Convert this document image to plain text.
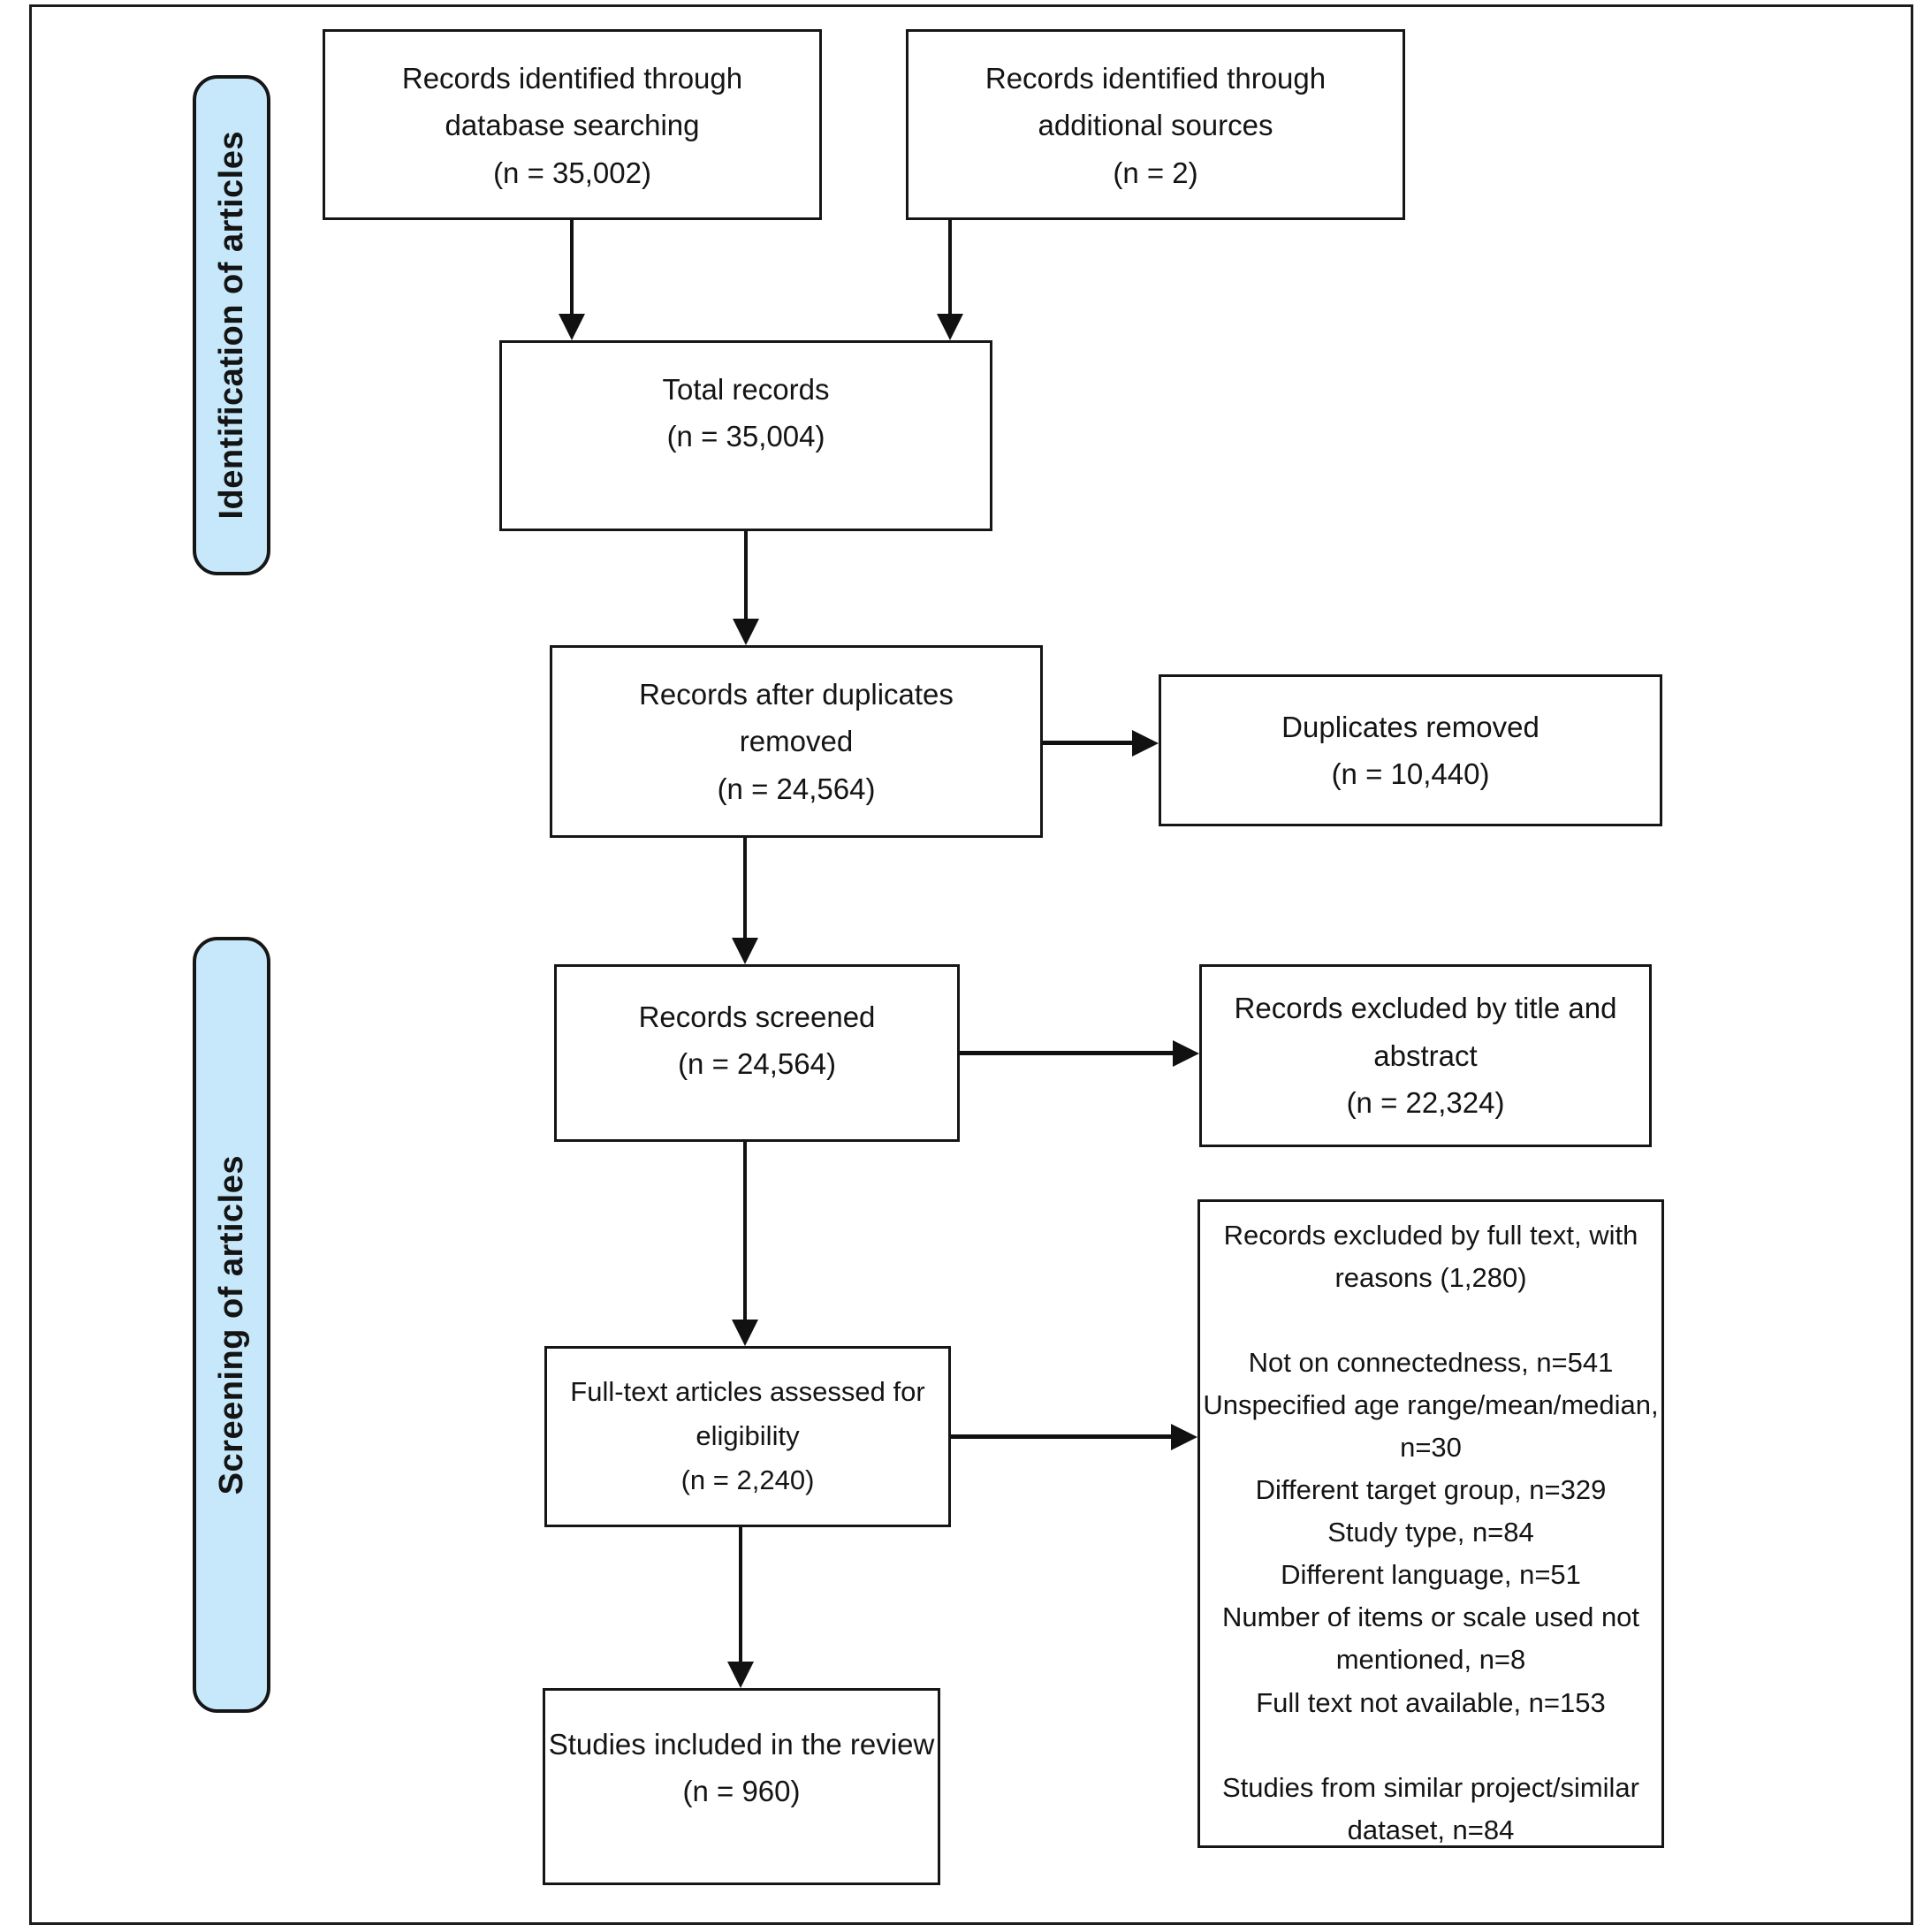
Identification of articles
Screening of articles
Records identified through
database searching
(n = 35,002)
Records identified through
additional sources
(n = 2)
Total records
(n = 35,004)
Records after duplicates
removed
(n = 24,564)
Duplicates removed
(n = 10,440)
Records screened
(n = 24,564)
Records excluded by title and
abstract
(n = 22,324)
Full-text articles assessed for
eligibility
(n = 2,240)
Records excluded by full text, with
reasons (1,280)
Not on connectedness, n=541
Unspecified age range/mean/median,
n=30
Different target group, n=329
Study type, n=84
Different language, n=51
Number of items or scale used not
mentioned, n=8
Full text not available, n=153
Studies from similar project/similar
dataset, n=84
Studies included in the review
(n = 960)
